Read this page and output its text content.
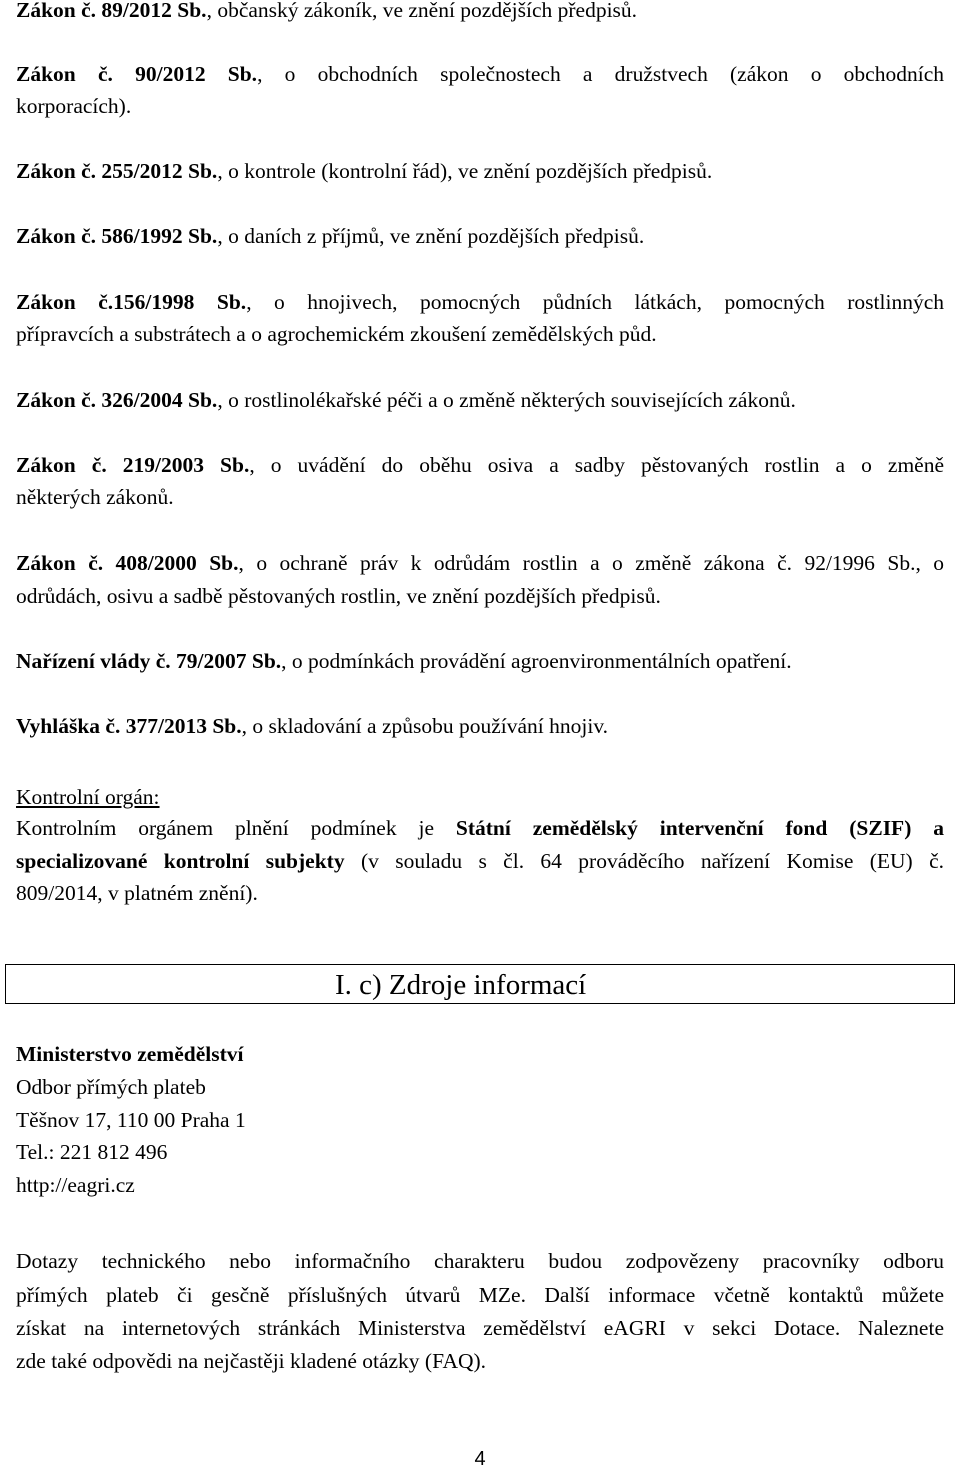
Zákon č. 89/2012 Sb., občanský zákoník, ve znění pozdějších předpisů.
Zákon č. 90/2012 Sb., o obchodních společnostech a družstvech (zákon o obchodních
korporacích).
Zákon č. 255/2012 Sb., o kontrole (kontrolní řád), ve znění pozdějších předpisů.
Zákon č. 586/1992 Sb., o daních z příjmů, ve znění pozdějších předpisů.
Zákon č.156/1998 Sb., o hnojivech, pomocných půdních látkách, pomocných rostlinných
přípravcích a substrátech a o agrochemickém zkoušení zemědělských půd.
Zákon č. 326/2004 Sb., o rostlinolékařské péči a o změně některých souvisejících zákonů.
Zákon č. 219/2003 Sb., o uvádění do oběhu osiva a sadby pěstovaných rostlin a o změně
některých zákonů.
Zákon č. 408/2000 Sb., o ochraně práv k odrůdám rostlin a o změně zákona č. 92/1996 Sb., o
odrůdách, osivu a sadbě pěstovaných rostlin, ve znění pozdějších předpisů.
Nařízení vlády č. 79/2007 Sb., o podmínkách provádění agroenvironmentálních opatření.
Vyhláška č. 377/2013 Sb., o skladování a způsobu používání hnojiv.
Kontrolní orgán:
Kontrolním orgánem plnění podmínek je Státní zemědělský intervenční fond (SZIF) a
specializované kontrolní subjekty (v souladu s čl. 64 prováděcího nařízení Komise (EU) č.
809/2014, v platném znění).
I. c) Zdroje informací
Ministerstvo zemědělství
Odbor přímých plateb
Těšnov 17, 110 00 Praha 1
Tel.: 221 812 496
http://eagri.cz
Dotazy technického nebo informačního charakteru budou zodpovězeny pracovníky odboru
přímých plateb či gesčně příslušných útvarů MZe. Další informace včetně kontaktů můžete
získat na internetových stránkách Ministerstva zemědělství eAGRI v sekci Dotace. Naleznete
zde také odpovědi na nejčastěji kladené otázky (FAQ).
4
